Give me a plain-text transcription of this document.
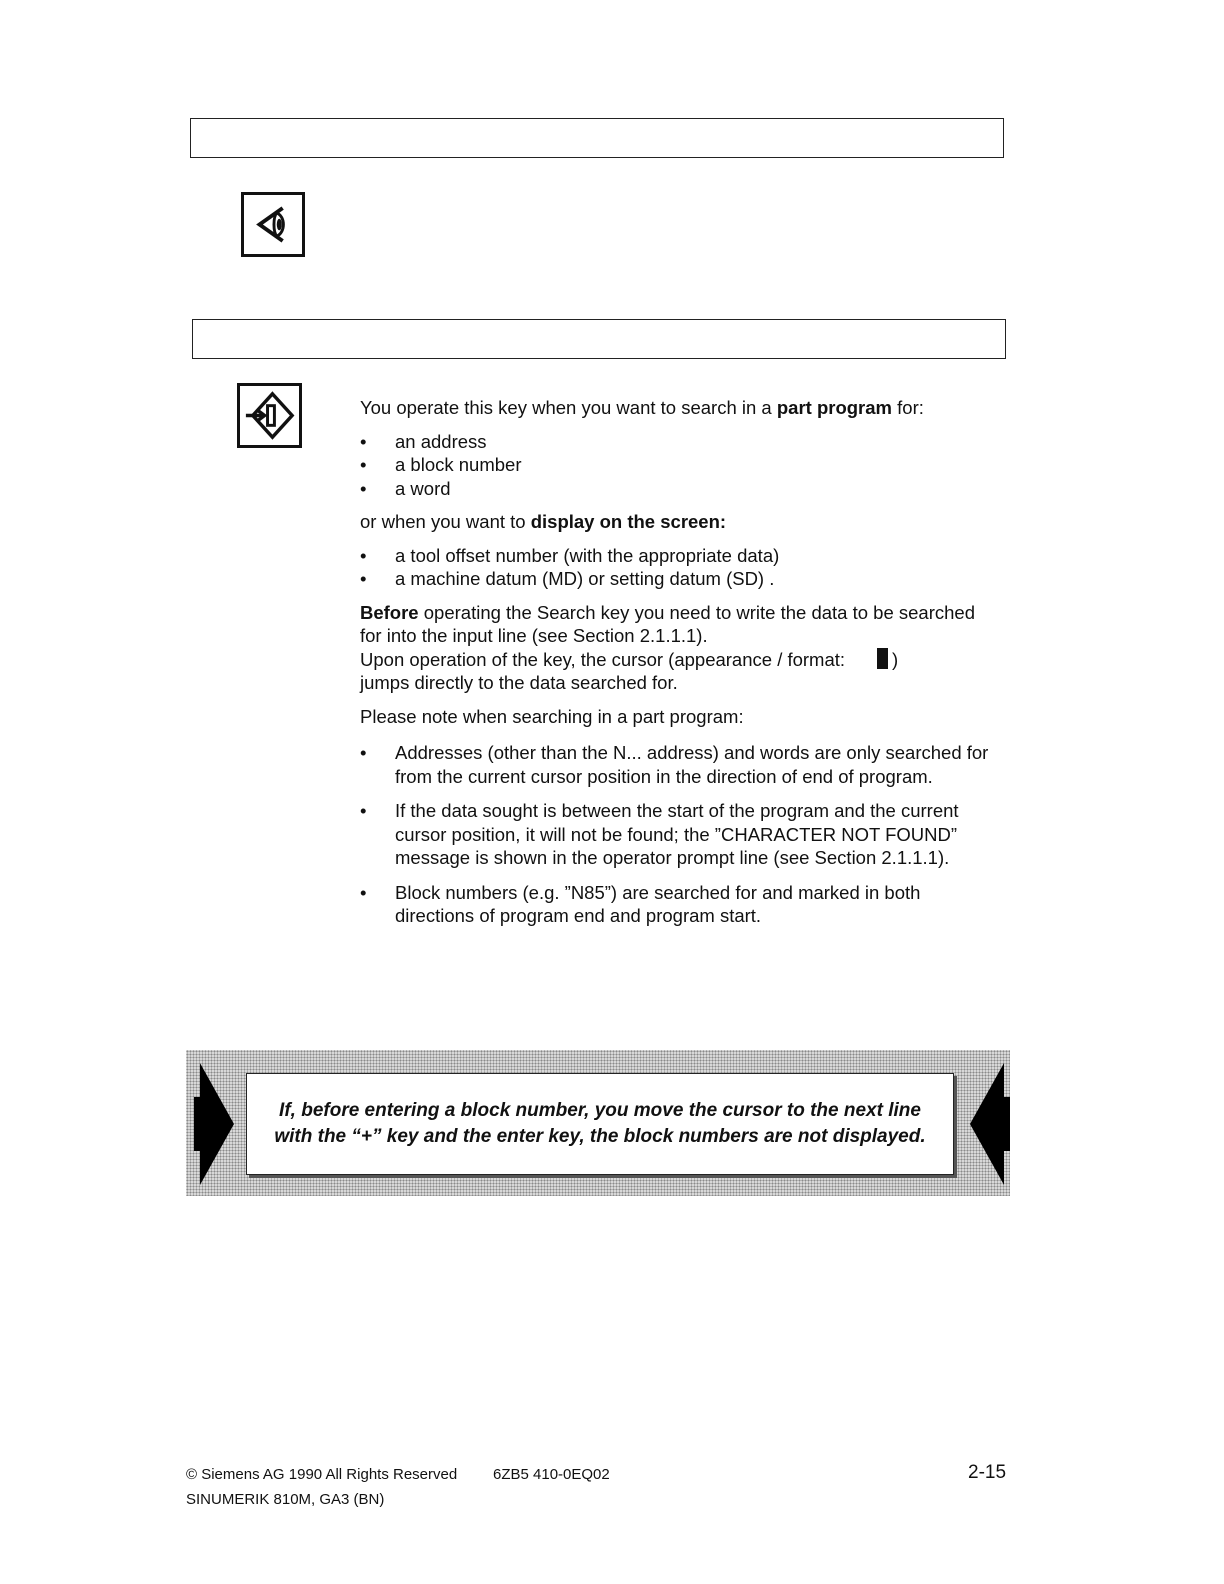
You operate this key when you want to search in a part program for:

• an address
• a block number
• a word

or when you want to display on the screen:

• a tool offset number (with the appropriate data)
• a machine datum (MD) or setting datum (SD) .

Before operating the Search key you need to write the data to be searched for into the input line (see Section 2.1.1.1).

Upon operation of the key, the cursor (appearance / format:	)
jumps directly to the data searched for.

Please note when searching in a part program:

• Addresses (other than the N... address) and words are only searched for from the current cursor position in the direction of end of program.
• If the data sought is between the start of the program and the current cursor position, it will not be found; the ”CHARACTER NOT FOUND” message is shown in the operator prompt line (see Section 2.1.1.1).
• Block numbers (e.g. ”N85”) are searched for and marked in both directions of program end and program start.
If, before entering a block number, you move the cursor to the next line
with the “+” key and the enter key, the block numbers are not displayed.
© Siemens AG 1990 All Rights Reserved 6ZB5 410-0EQ02
SINUMERIK 810M, GA3 (BN)
2-15
